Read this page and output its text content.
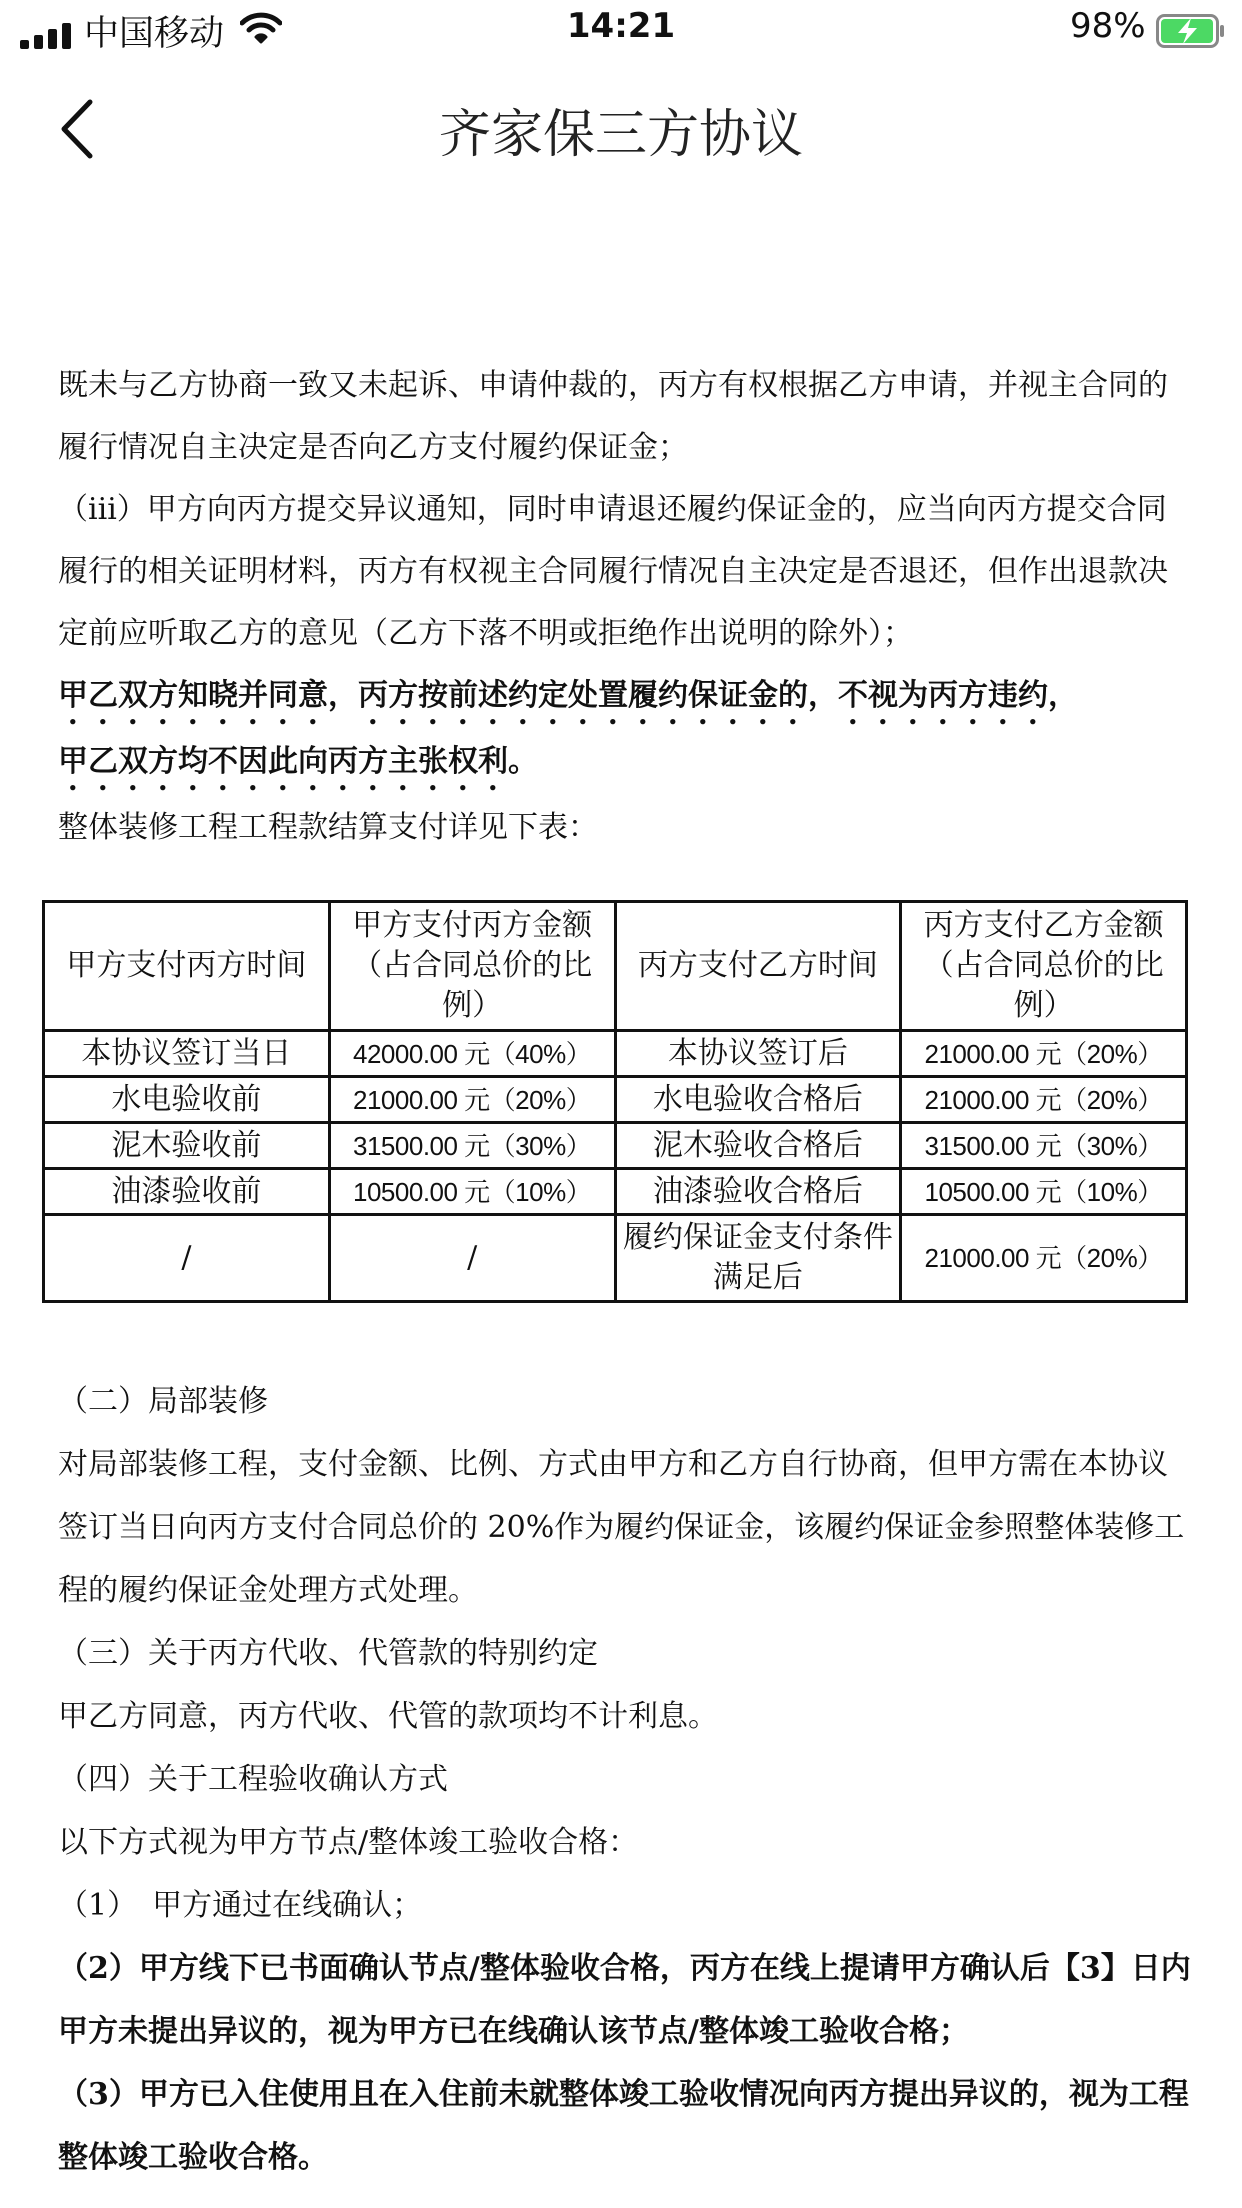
中国移动	14:21	98%
齐家保三方协议

既未与乙方协商一致又未起诉、申请仲裁的，丙方有权根据乙方申请，并视主合同的履行情况自主决定是否向乙方支付履约保证金；

（iii）甲方向丙方提交异议通知，同时申请退还履约保证金的，应当向丙方提交合同履行的相关证明材料，丙方有权视主合同履行情况自主决定是否退还，但作出退款决定前应听取乙方的意见（乙方下落不明或拒绝作出说明的除外）；

甲乙双方知晓并同意，丙方按前述约定处置履约保证金的，不视为丙方违约，

甲乙双方均不因此向丙方主张权利。

整体装修工程工程款结算支付详见下表：

甲方支付丙方时间	甲方支付丙方金额（占合同总价的比例）	丙方支付乙方时间	丙方支付乙方金额（占合同总价的比例）
本协议签订当日	42000.00 元（40%）	本协议签订后	21000.00 元（20%）
水电验收前	21000.00 元（20%）	水电验收合格后	21000.00 元（20%）
泥木验收前	31500.00 元（30%）	泥木验收合格后	31500.00 元（30%）
油漆验收前	10500.00 元（10%）	油漆验收合格后	10500.00 元（10%）
/	/	履约保证金支付条件满足后	21000.00 元（20%）

（二）局部装修

对局部装修工程，支付金额、比例、方式由甲方和乙方自行协商，但甲方需在本协议签订当日向丙方支付合同总价的 20%作为履约保证金，该履约保证金参照整体装修工程的履约保证金处理方式处理。

（三）关于丙方代收、代管款的特别约定

甲乙方同意，丙方代收、代管的款项均不计利息。

（四）关于工程验收确认方式

以下方式视为甲方节点/整体竣工验收合格：

（1）　甲方通过在线确认；

（2）甲方线下已书面确认节点/整体验收合格，丙方在线上提请甲方确认后【3】日内甲方未提出异议的，视为甲方已在线确认该节点/整体竣工验收合格；

（3）甲方已入住使用且在入住前未就整体竣工验收情况向丙方提出异议的，视为工程整体竣工验收合格。
